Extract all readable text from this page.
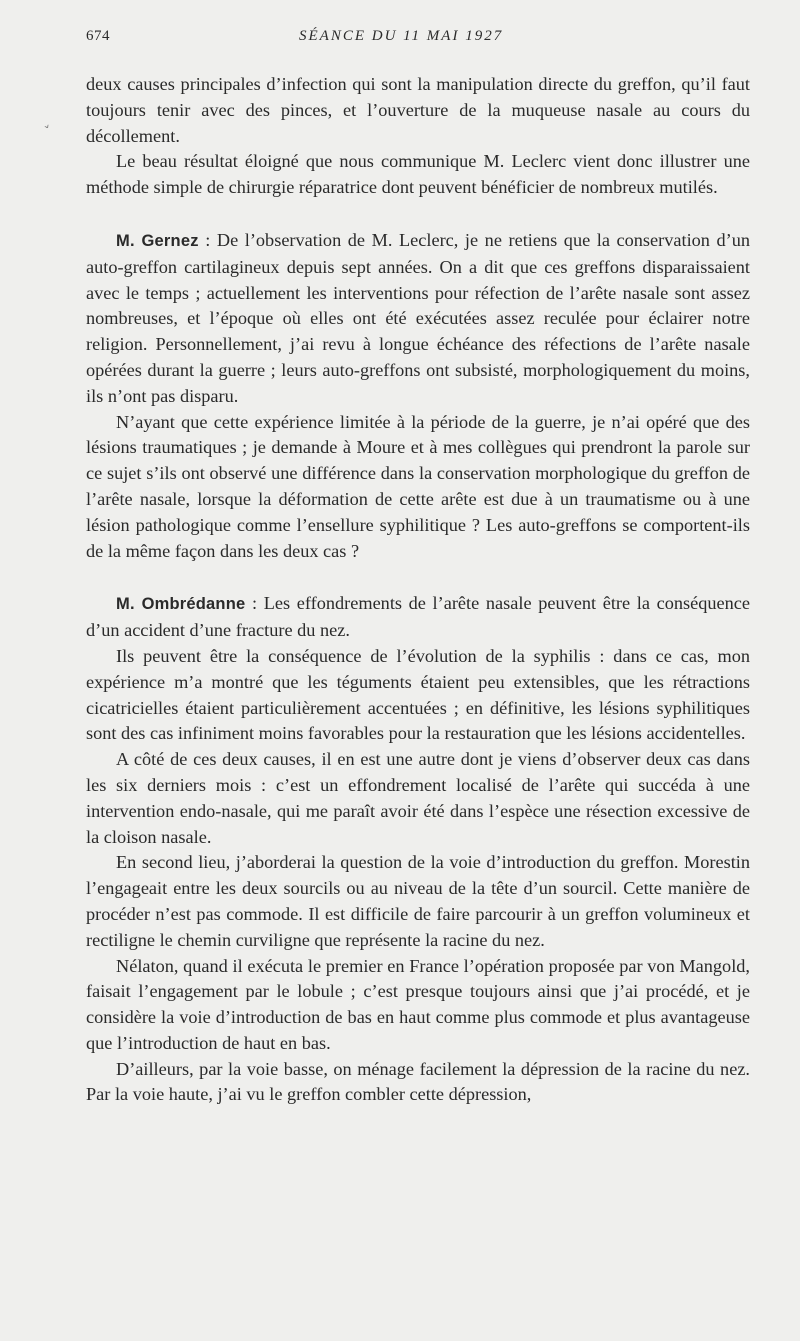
674	SÉANCE DU 11 MAI 1927
ˇ

deux causes principales d’infection qui sont la manipulation directe du greffon, qu’il faut toujours tenir avec des pinces, et l’ouverture de la muqueuse nasale au cours du décollement.

Le beau résultat éloigné que nous communique M. Leclerc vient donc illustrer une méthode simple de chirurgie réparatrice dont peuvent bénéficier de nombreux mutilés.

M. Gernez : De l’observation de M. Leclerc, je ne retiens que la conservation d’un auto-greffon cartilagineux depuis sept années. On a dit que ces greffons disparaissaient avec le temps ; actuellement les interventions pour réfection de l’arête nasale sont assez nombreuses, et l’époque où elles ont été exécutées assez reculée pour éclairer notre religion. Personnellement, j’ai revu à longue échéance des réfections de l’arête nasale opérées durant la guerre ; leurs auto-greffons ont subsisté, morphologiquement du moins, ils n’ont pas disparu.

N’ayant que cette expérience limitée à la période de la guerre, je n’ai opéré que des lésions traumatiques ; je demande à Moure et à mes collègues qui prendront la parole sur ce sujet s’ils ont observé une différence dans la conservation morphologique du greffon de l’arête nasale, lorsque la déformation de cette arête est due à un traumatisme ou à une lésion pathologique comme l’ensellure syphilitique ? Les auto-greffons se comportent-ils de la même façon dans les deux cas ?

M. Ombrédanne : Les effondrements de l’arête nasale peuvent être la conséquence d’un accident d’une fracture du nez.

Ils peuvent être la conséquence de l’évolution de la syphilis : dans ce cas, mon expérience m’a montré que les téguments étaient peu extensibles, que les rétractions cicatricielles étaient particulièrement accentuées ; en définitive, les lésions syphilitiques sont des cas infiniment moins favorables pour la restauration que les lésions accidentelles.

A côté de ces deux causes, il en est une autre dont je viens d’observer deux cas dans les six derniers mois : c’est un effondrement localisé de l’arête qui succéda à une intervention endo-nasale, qui me paraît avoir été dans l’espèce une résection excessive de la cloison nasale.

En second lieu, j’aborderai la question de la voie d’introduction du greffon. Morestin l’engageait entre les deux sourcils ou au niveau de la tête d’un sourcil. Cette manière de procéder n’est pas commode. Il est difficile de faire parcourir à un greffon volumineux et rectiligne le chemin curviligne que représente la racine du nez.

Nélaton, quand il exécuta le premier en France l’opération proposée par von Mangold, faisait l’engagement par le lobule ; c’est presque toujours ainsi que j’ai procédé, et je considère la voie d’introduction de bas en haut comme plus commode et plus avantageuse que l’introduction de haut en bas.

D’ailleurs, par la voie basse, on ménage facilement la dépression de la racine du nez. Par la voie haute, j’ai vu le greffon combler cette dépression,
